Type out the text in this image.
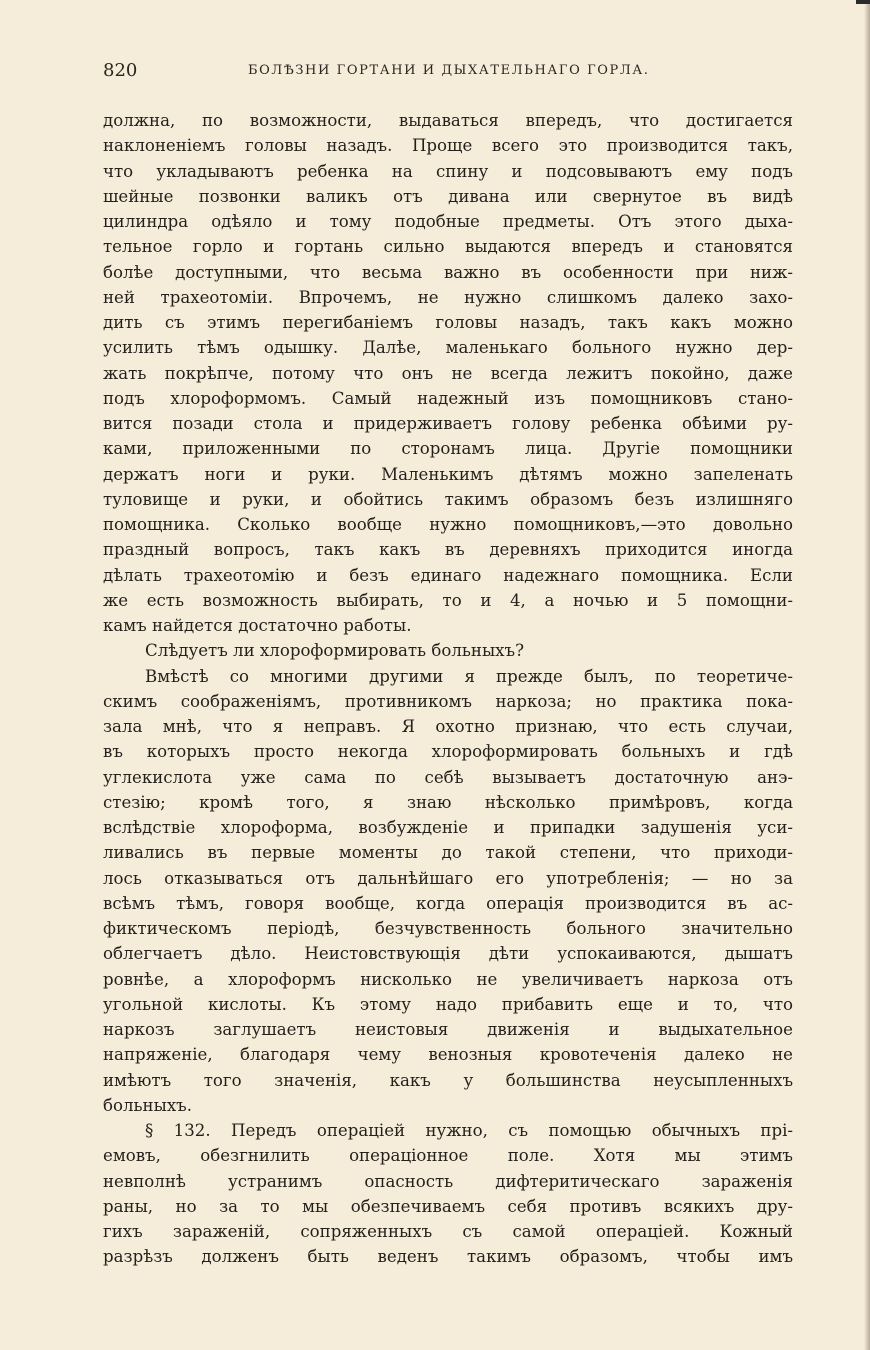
820	БОЛѢЗНИ ГОРТАНИ И ДЫХАТЕЛЬНАГО ГОРЛА.
должна, по возможности, выдаваться впередъ, что достигается
наклоненіемъ головы назадъ. Проще всего это производится такъ,
что укладываютъ ребенка на спину и подсовываютъ ему подъ
шейные позвонки валикъ отъ дивана или свернутое въ видѣ
цилиндра одѣяло и тому подобные предметы. Отъ этого дыха-
тельное горло и гортань сильно выдаются впередъ и становятся
болѣе доступными, что весьма важно въ особенности при ниж-
ней трахеотоміи. Впрочемъ, не нужно слишкомъ далеко захо-
дить съ этимъ перегибаніемъ головы назадъ, такъ какъ можно
усилить тѣмъ одышку. Далѣе, маленькаго больного нужно дер-
жать покрѣпче, потому что онъ не всегда лежитъ покойно, даже
подъ хлороформомъ. Самый надежный изъ помощниковъ стано-
вится позади стола и придерживаетъ голову ребенка обѣими ру-
ками, приложенными по сторонамъ лица. Другіе помощники
держатъ ноги и руки. Маленькимъ дѣтямъ можно запеленать
туловище и руки, и обойтись такимъ образомъ безъ излишняго
помощника. Сколько вообще нужно помощниковъ,—это довольно
праздный вопросъ, такъ какъ въ деревняхъ приходится иногда
дѣлать трахеотомію и безъ единаго надежнаго помощника. Если
же есть возможность выбирать, то и 4, а ночью и 5 помощни-
камъ найдется достаточно работы.
Слѣдуетъ ли хлороформировать больныхъ?
Вмѣстѣ со многими другими я прежде былъ, по теоретиче-
скимъ соображеніямъ, противникомъ наркоза; но практика пока-
зала мнѣ, что я неправъ. Я охотно признаю, что есть случаи,
въ которыхъ просто некогда хлороформировать больныхъ и гдѣ
углекислота уже сама по себѣ вызываетъ достаточную анэ-
стезію; кромѣ того, я знаю нѣсколько примѣровъ, когда
вслѣдствіе хлороформа, возбужденіе и припадки задушенія уси-
ливались въ первые моменты до такой степени, что приходи-
лось отказываться отъ дальнѣйшаго его употребленія; — но за
всѣмъ тѣмъ, говоря вообще, когда операція производится въ ас-
фиктическомъ періодѣ, безчувственность больного значительно
облегчаетъ дѣло. Неистовствующія дѣти успокаиваются, дышатъ
ровнѣе, а хлороформъ нисколько не увеличиваетъ наркоза отъ
угольной кислоты. Къ этому надо прибавить еще и то, что
наркозъ заглушаетъ неистовыя движенія и выдыхательное
напряженіе, благодаря чему венозныя кровотеченія далеко не
имѣютъ того значенія, какъ у большинства неусыпленныхъ
больныхъ.
§ 132. Передъ операціей нужно, съ помощью обычныхъ прі-
емовъ, обезгнилить операціонное поле. Хотя мы этимъ
невполнѣ устранимъ опасность дифтеритическаго зараженія
раны, но за то мы обезпечиваемъ себя противъ всякихъ дру-
гихъ зараженій, сопряженныхъ съ самой операціей. Кожный
разрѣзъ долженъ быть веденъ такимъ образомъ, чтобы имъ
